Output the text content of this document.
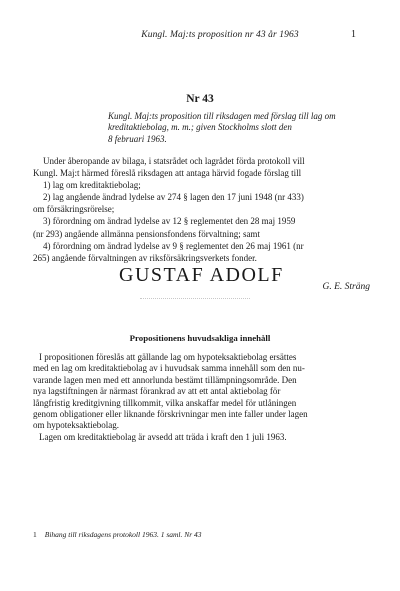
Kungl. Maj:ts proposition nr 43 år 1963	1
Nr 43
Kungl. Maj:ts proposition till riksdagen med förslag till lag om
kreditaktiebolag, m. m.; given Stockholms slott den
8 februari 1963.
Under åberopande av bilaga, i statsrådet och lagrådet förda protokoll vill
Kungl. Maj:t härmed föreslå riksdagen att antaga härvid fogade förslag till
1) lag om kreditaktiebolag;
2) lag angående ändrad lydelse av 274 § lagen den 17 juni 1948 (nr 433)
om försäkringsrörelse;
3) förordning om ändrad lydelse av 12 § reglementet den 28 maj 1959
(nr 293) angående allmänna pensionsfondens förvaltning; samt
4) förordning om ändrad lydelse av 9 § reglementet den 26 maj 1961 (nr
265) angående förvaltningen av riksförsäkringsverkets fonder.
GUSTAF ADOLF
G. E. Sträng
Propositionens huvudsakliga innehåll
I propositionen föreslås att gällande lag om hypoteksaktiebolag ersättes
med en lag om kreditaktiebolag av i huvudsak samma innehåll som den nu-
varande lagen men med ett annorlunda bestämt tillämpningsområde. Den
nya lagstiftningen är närmast förankrad av att ett antal aktiebolag för
långfristig kreditgivning tillkommit, vilka anskaffar medel för utlåningen
genom obligationer eller liknande förskrivningar men inte faller under lagen
om hypoteksaktiebolag.
Lagen om kreditaktiebolag är avsedd att träda i kraft den 1 juli 1963.
1 Bihang till riksdagens protokoll 1963. 1 saml. Nr 43
